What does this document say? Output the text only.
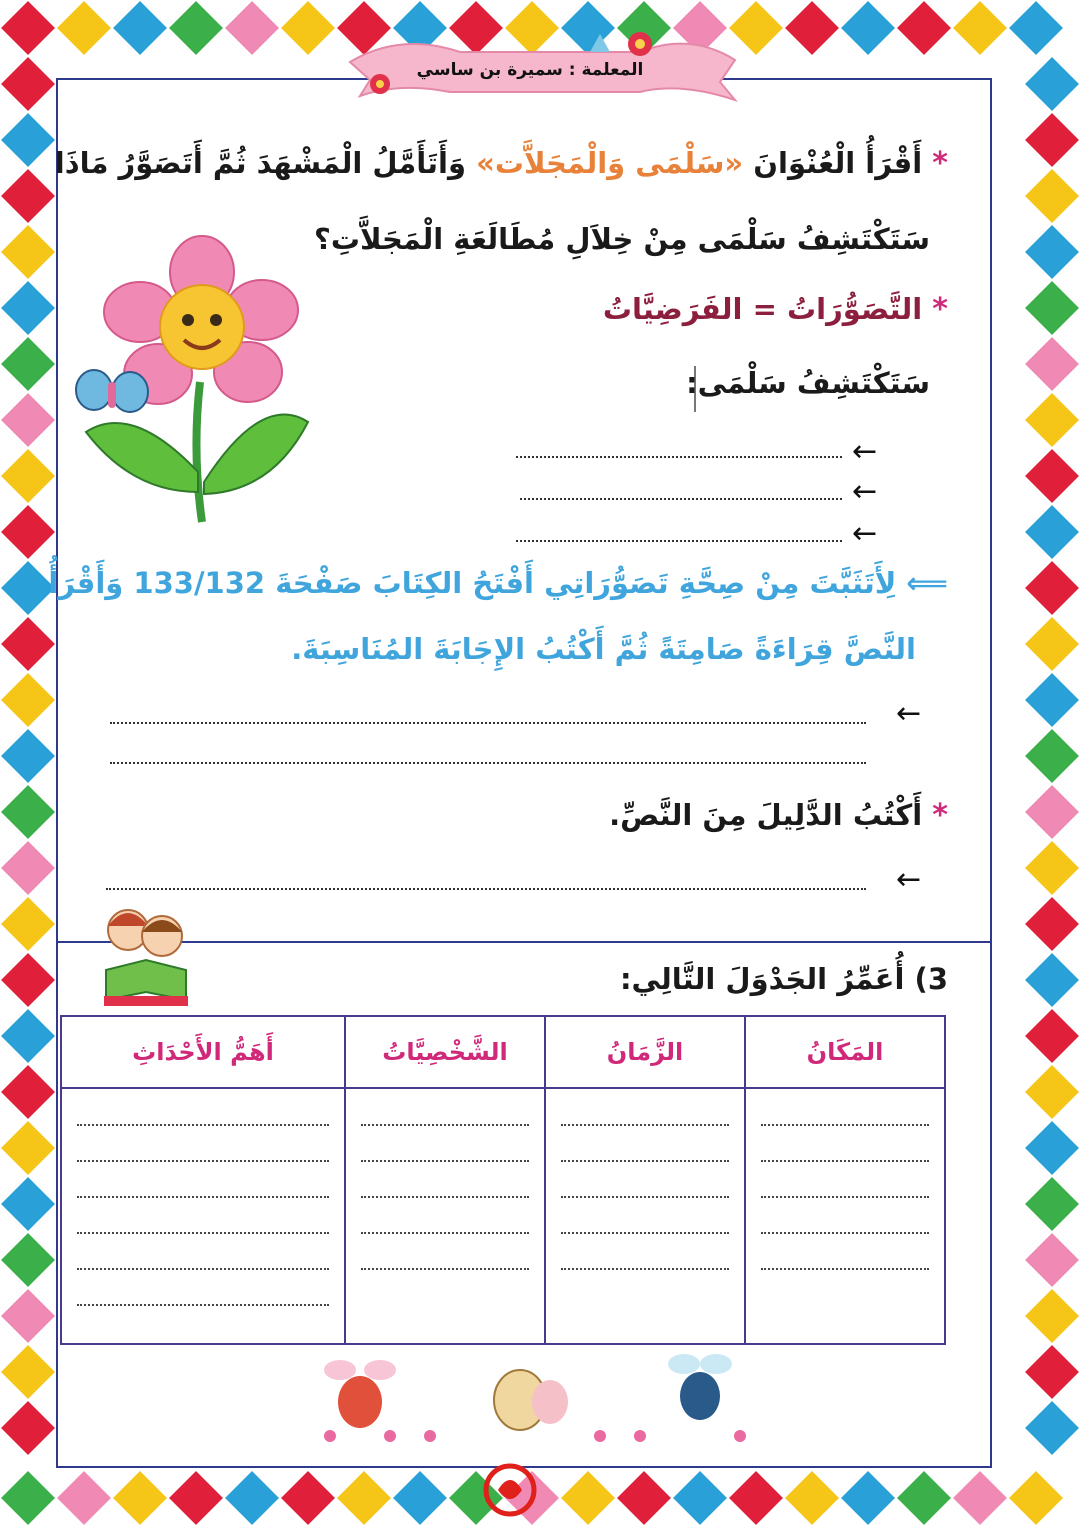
المعلمة : سميرة بن ساسي
* أَقْرَأُ الْعُنْوَانَ «سَلْمَى وَالْمَجَلاَّت» وَأَتَأَمَّلُ الْمَشْهَدَ ثُمَّ أَتَصَوَّرُ مَاذَا
سَتَكْتَشِفُ سَلْمَى مِنْ خِلاَلِ مُطَالَعَةِ الْمَجَلاَّتِ؟
* التَّصَوُّرَاتُ = الفَرَضِيَّاتُ
سَتَكْتَشِفُ سَلْمَى:
←
←
←
⟸ لِأَتَثَبَّتَ مِنْ صِحَّةِ تَصَوُّرَاتِي أَفْتَحُ الكِتَابَ صَفْحَةَ 133/132 وَأَقْرَأُ
النَّصَّ قِرَاءَةً صَامِتَةً ثُمَّ أَكْتُبُ الإِجَابَةَ المُنَاسِبَةَ.
←
* أَكْتُبُ الدَّلِيلَ مِنَ النَّصِّ.
←
3) أُعَمِّرُ الجَدْوَلَ التَّالِي:
المَكَانُ	الزَّمَانُ	الشَّخْصِيَّاتُ	أَهَمُّ الأَحْدَاثِ
